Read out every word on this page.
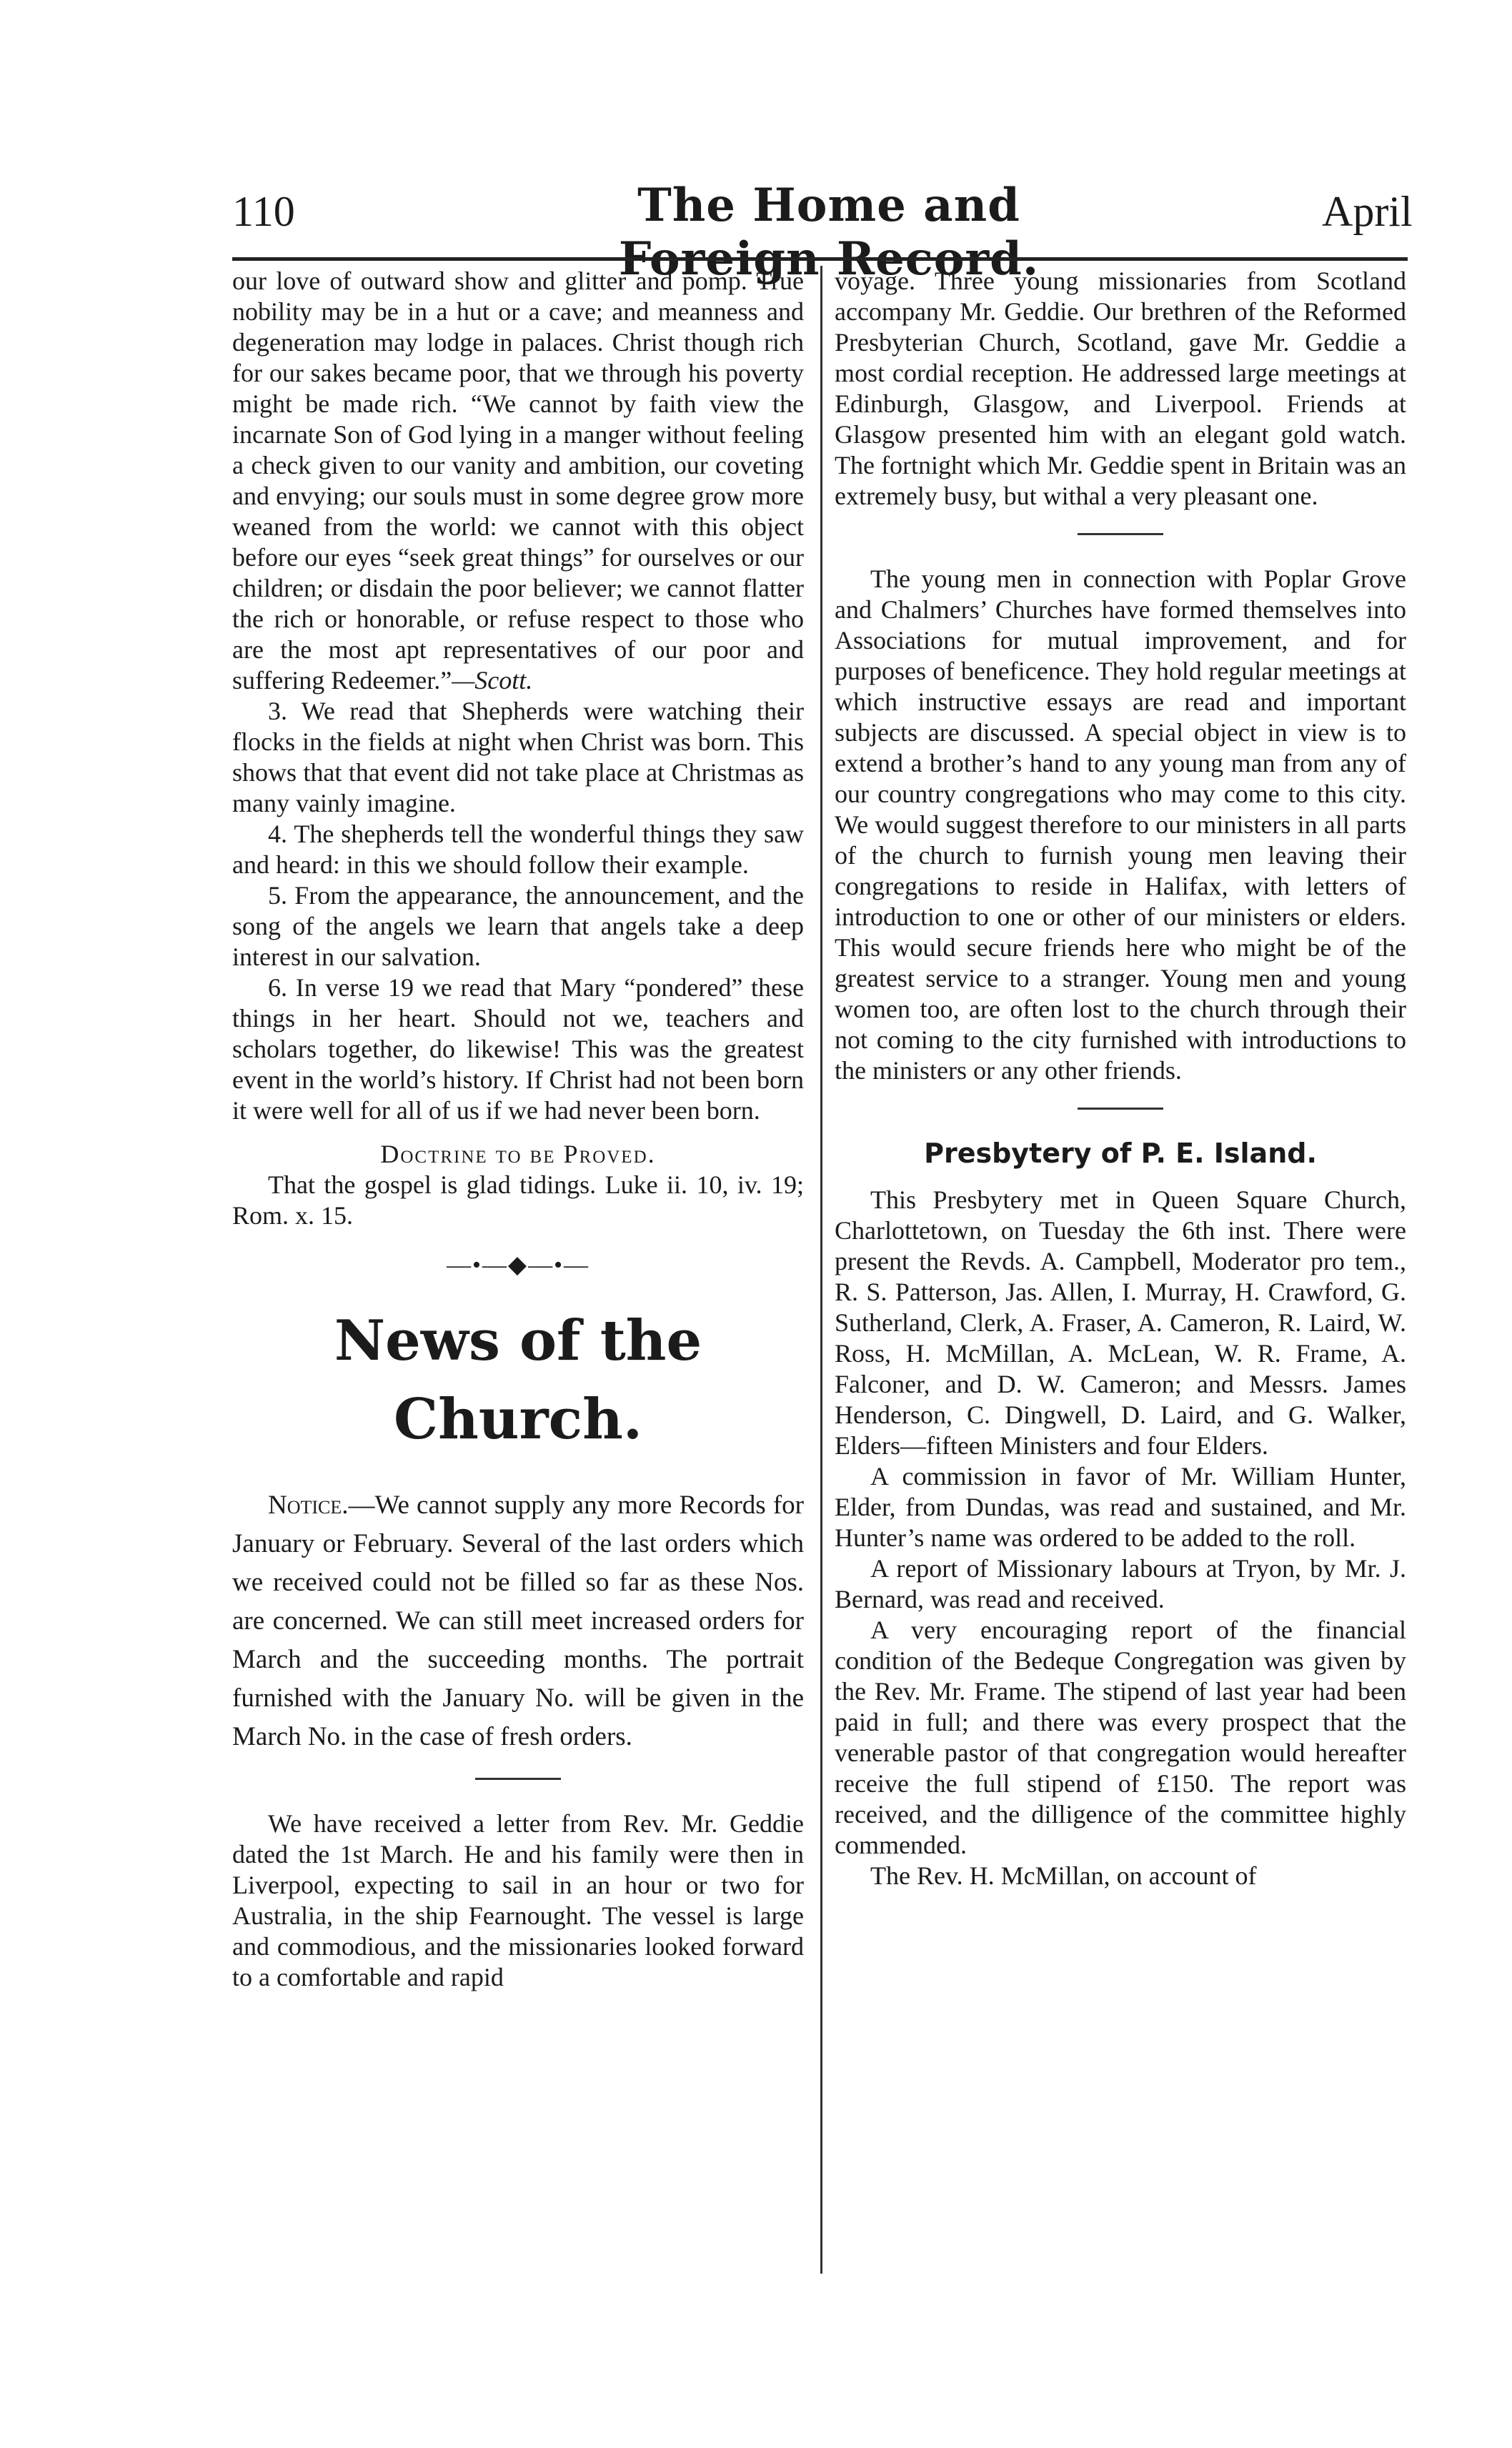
110	The Home and Foreign Record.
April

our love of outward show and glitter and pomp. True nobility may be in a hut or a cave; and meanness and degeneration may lodge in palaces. Christ though rich for our sakes became poor, that we through his poverty might be made rich. “We cannot by faith view the incarnate Son of God lying in a manger without feeling a check given to our vanity and ambition, our coveting and envying; our souls must in some degree grow more weaned from the world: we cannot with this object before our eyes “seek great things” for ourselves or our children; or disdain the poor believer; we cannot flatter the rich or honorable, or refuse respect to those who are the most apt representatives of our poor and suffering Redeemer.”—Scott.

3. We read that Shepherds were watching their flocks in the fields at night when Christ was born. This shows that that event did not take place at Christmas as many vainly imagine.

4. The shepherds tell the wonderful things they saw and heard: in this we should follow their example.

5. From the appearance, the announcement, and the song of the angels we learn that angels take a deep interest in our salvation.

6. In verse 19 we read that Mary “pondered” these things in her heart. Should not we, teachers and scholars together, do likewise! This was the greatest event in the world’s history. If Christ had not been born it were well for all of us if we had never been born.

Doctrine to be Proved.

That the gospel is glad tidings. Luke ii. 10, iv. 19; Rom. x. 15.

—•—◆—•—
News of the Church.

Notice.—We cannot supply any more Records for January or February. Several of the last orders which we received could not be filled so far as these Nos. are concerned. We can still meet increased orders for March and the succeeding months. The portrait furnished with the January No. will be given in the March No. in the case of fresh orders.

We have received a letter from Rev. Mr. Geddie dated the 1st March. He and his family were then in Liverpool, expecting to sail in an hour or two for Australia, in the ship Fearnought. The vessel is large and commodious, and the missionaries looked forward to a comfortable and rapid

voyage. Three young missionaries from Scotland accompany Mr. Geddie. Our brethren of the Reformed Presbyterian Church, Scotland, gave Mr. Geddie a most cordial reception. He addressed large meetings at Edinburgh, Glasgow, and Liverpool. Friends at Glasgow presented him with an elegant gold watch. The fortnight which Mr. Geddie spent in Britain was an extremely busy, but withal a very pleasant one.

The young men in connection with Poplar Grove and Chalmers’ Churches have formed themselves into Associations for mutual improvement, and for purposes of beneficence. They hold regular meetings at which instructive essays are read and important subjects are discussed. A special object in view is to extend a brother’s hand to any young man from any of our country congregations who may come to this city. We would suggest therefore to our ministers in all parts of the church to furnish young men leaving their congregations to reside in Halifax, with letters of introduction to one or other of our ministers or elders. This would secure friends here who might be of the greatest service to a stranger. Young men and young women too, are often lost to the church through their not coming to the city furnished with introductions to the ministers or any other friends.

Presbytery of P. E. Island.

This Presbytery met in Queen Square Church, Charlottetown, on Tuesday the 6th inst. There were present the Revds. A. Campbell, Moderator pro tem., R. S. Patterson, Jas. Allen, I. Murray, H. Crawford, G. Sutherland, Clerk, A. Fraser, A. Cameron, R. Laird, W. Ross, H. McMillan, A. McLean, W. R. Frame, A. Falconer, and D. W. Cameron; and Messrs. James Henderson, C. Dingwell, D. Laird, and G. Walker, Elders—fifteen Ministers and four Elders.

A commission in favor of Mr. William Hunter, Elder, from Dundas, was read and sustained, and Mr. Hunter’s name was ordered to be added to the roll.

A report of Missionary labours at Tryon, by Mr. J. Bernard, was read and received.

A very encouraging report of the financial condition of the Bedeque Congregation was given by the Rev. Mr. Frame. The stipend of last year had been paid in full; and there was every prospect that the venerable pastor of that congregation would hereafter receive the full stipend of £150. The report was received, and the dilligence of the committee highly commended.

The Rev. H. McMillan, on account of
